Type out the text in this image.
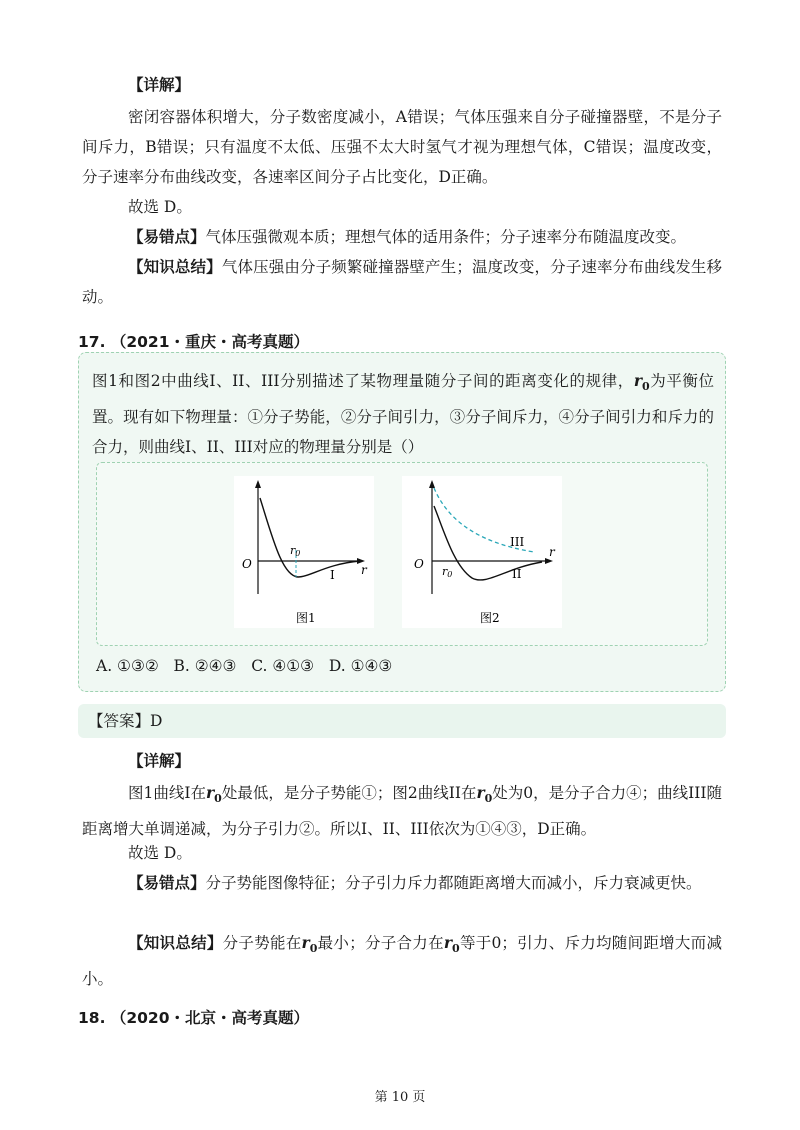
【详解】

密闭容器体积增大，分子数密度减小，A错误；气体压强来自分子碰撞器壁，不是分子间斥力，B错误；只有温度不太低、压强不太大时氢气才视为理想气体，C错误；温度改变，分子速率分布曲线改变，各速率区间分子占比变化，D正确。

故选 D。

【易错点】气体压强微观本质；理想气体的适用条件；分子速率分布随温度改变。

【知识总结】气体压强由分子频繁碰撞器壁产生；温度改变，分子速率分布曲线发生移动。

17. （2021・重庆・高考真题）

图1和图2中曲线I、II、III分别描述了某物理量随分子间的距离变化的规律，$r_0$为平衡位置。现有如下物理量：①分子势能，②分子间引力，③分子间斥力，④分子间引力和斥力的合力，则曲线I、II、III对应的物理量分别是（）

O
r0
r
I
图1
O
r0
r
III
II
图2
A. ①③②   B. ②④③   C. ④①③   D. ①④③
【答案】D
【详解】

图1曲线I在$r_0$处最低，是分子势能①；图2曲线II在$r_0$处为0，是分子合力④；曲线III随距离增大单调递减，为分子引力②。所以I、II、III依次为①④③，D正确。

故选 D。

【易错点】分子势能图像特征；分子引力斥力都随距离增大而减小，斥力衰减更快。

【知识总结】分子势能在$r_0$最小；分子合力在$r_0$等于0；引力、斥力均随间距增大而减小。

18. （2020・北京・高考真题）
第 10 页
